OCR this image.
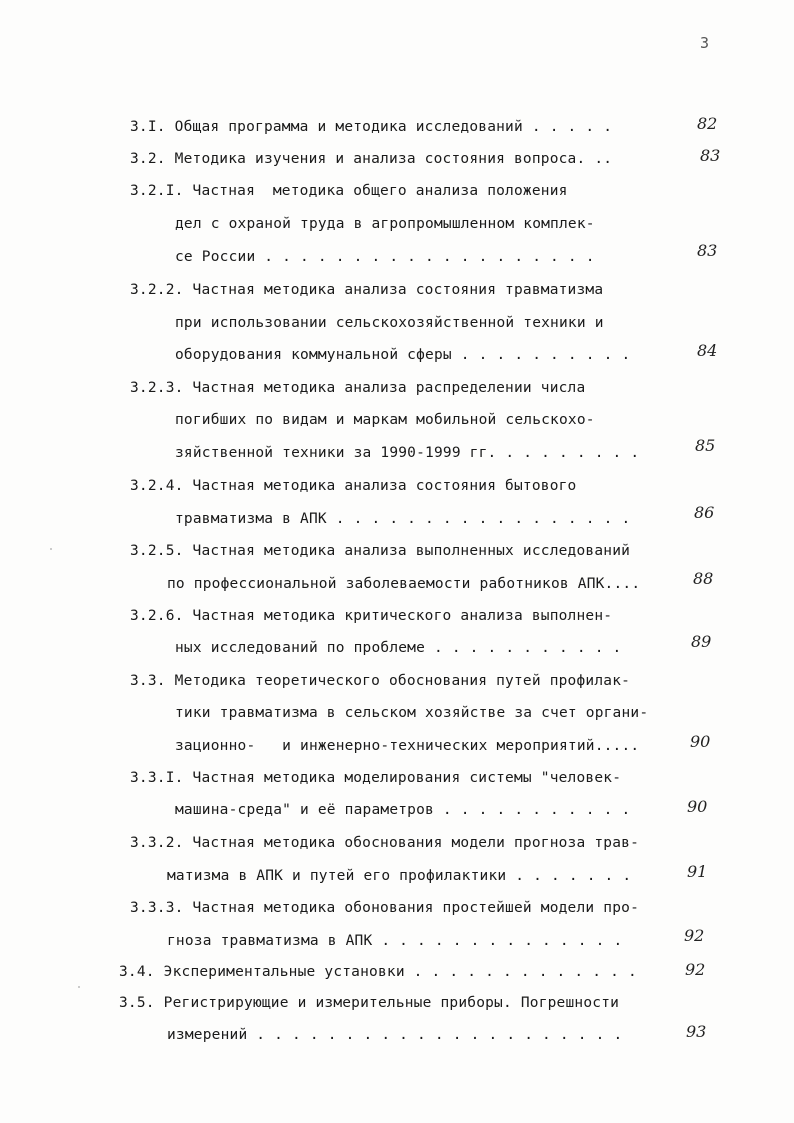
3
3.I. Общая программа и методика исследований . . . . .	82
3.2. Методика изучения и анализа состояния вопроса. ..	83
3.2.I. Частная  методика общего анализа положения
дел с охраной труда в агропромышленном комплек-
се России . . . . . . . . . . . . . . . . . . .	83
3.2.2. Частная методика анализа состояния травматизма
при использовании сельскохозяйственной техники и
оборудования коммунальной сферы . . . . . . . . . .	84
3.2.3. Частная методика анализа распределении числа
погибших по видам и маркам мобильной сельскохо-
зяйственной техники за 1990-1999 гг. . . . . . . . .	85
3.2.4. Частная методика анализа состояния бытового
травматизма в АПК . . . . . . . . . . . . . . . . .	86
3.2.5. Частная методика анализа выполненных исследований
по профессиональной заболеваемости работников АПК....	88
3.2.6. Частная методика критического анализа выполнен-
ных исследований по проблеме . . . . . . . . . . .	89
3.3. Методика теоретического обоснования путей профилак-
тики травматизма в сельском хозяйстве за счет органи-
зационно-   и инженерно-технических мероприятий.....	90
3.3.I. Частная методика моделирования системы "человек-
машина-среда" и её параметров . . . . . . . . . . .	90
3.3.2. Частная методика обоснования модели прогноза трав-
матизма в АПК и путей его профилактики . . . . . . .	91
3.3.3. Частная методика обонования простейшей модели про-
гноза травматизма в АПК . . . . . . . . . . . . . .	92
3.4. Экспериментальные установки . . . . . . . . . . . . .	92
3.5. Регистрирующие и измерительные приборы. Погрешности
измерений . . . . . . . . . . . . . . . . . . . . .	93
